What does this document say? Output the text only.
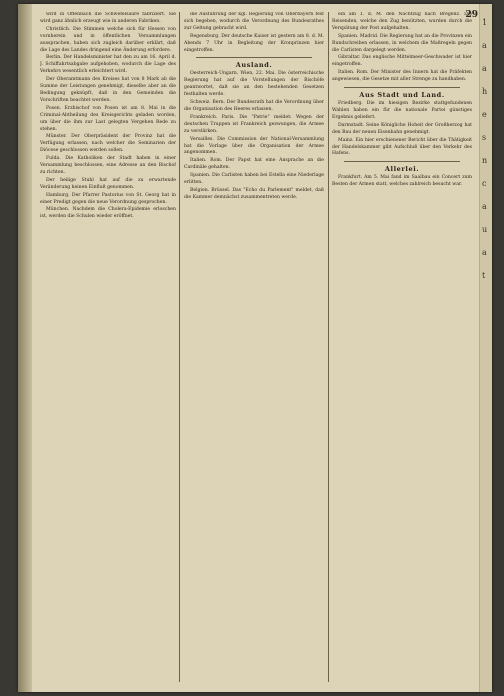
29

wird in Offenbach die Schwefelsäure fabriziert. Sie wird ganz ähnlich erzeugt wie in anderen Fabriken.

Christlich. Die Stimmen welche sich für Hessen von vornherein und in öffentlichen Versammlungen aussprachen, haben sich zugleich darüber erklärt, daß die Lage des Landes dringend eine Änderung erfordere.

Berlin. Der Handelsminister hat den zu am 16. April d. J. Schiffahrtsabgabe aufgehoben, wodurch die Lage des Verkehrs wesentlich erleichtert wird.

Der Oberamtmann des Kreises hat von 8 Mark ab die Summe der Leistungen genehmigt, dieselbe aber an die Bedingung geknüpft, daß in den Gemeinden die Vorschriften beachtet werden.

Posen. Erzbischof von Posen ist am 8. Mai in die Criminal-Abtheilung des Kreisgerichts geladen worden, um über die ihm zur Last gelegten Vergehen Rede zu stehen.

Münster. Der Oberpräsident der Provinz hat die Verfügung erlassen, nach welcher die Seminarien der Diöcese geschlossen werden sollen.

Fulda. Die Katholiken der Stadt haben in einer Versammlung beschlossen, eine Adresse an den Bischof zu richten.

Der heilige Stuhl hat auf die zu erwartende Veränderung keinen Einfluß genommen.

Hamburg. Der Pfarrer Pastorius von St. Georg hat in einer Predigt gegen die neue Verordnung gesprochen.

München. Nachdem die Cholera-Epidemie erloschen ist, werden die Schulen wieder eröffnet.

die Ausführung der kgl. Regierung von Oberbayern fest sich begeben, wodurch die Verordnung des Bundesrathes zur Geltung gebracht wird.

Regensburg. Der deutsche Kaiser ist gestern am 8. d. M. Abends 7 Uhr in Begleitung der Kronprinzen hier eingetroffen.

Ausland.

Oesterreich-Ungarn. Wien, 22. Mai. Die österreichische Regierung hat auf die Vorstellungen der Bischöfe geantwortet, daß sie an den bestehenden Gesetzen festhalten werde.

Schweiz. Bern. Der Bundesrath hat die Verordnung über die Organisation des Heeres erlassen.

Frankreich. Paris. Die "Patrie" meldet: Wegen der deutschen Truppen ist Frankreich gezwungen, die Armee zu verstärken.

Versailles. Die Commission der National-Versammlung hat die Vorlage über die Organisation der Armee angenommen.

Italien. Rom. Der Papst hat eine Ansprache an die Cardinäle gehalten.

Spanien. Die Carlisten haben bei Estella eine Niederlage erlitten.

Belgien. Brüssel. Das "Echo du Parlement" meldet, daß die Kammer demnächst zusammentreten werde.

ein am 1. d. M. den Nachtzug nach Bregenz. Die Reisenden, welche den Zug benützten, wurden durch die Verspätung der Post aufgehalten.

Spanien. Madrid. Die Regierung hat an die Provinzen ein Rundschreiben erlassen, in welchem die Maßregeln gegen die Carlisten dargelegt werden.

Gibraltar. Das englische Mittelmeer-Geschwader ist hier eingetroffen.

Italien. Rom. Der Minister des Innern hat die Präfekten angewiesen, die Gesetze mit aller Strenge zu handhaben.

Aus Stadt und Land.

Friedberg. Die im hiesigen Bezirke stattgefundenen Wahlen haben ein für die nationale Partei günstiges Ergebnis geliefert.

Darmstadt. Seine Königliche Hoheit der Großherzog hat den Bau der neuen Eisenbahn genehmigt.

Mainz. Ein hier erschienener Bericht über die Thätigkeit der Handelskammer gibt Aufschluß über den Verkehr des Hafens.

Allerlei.

Frankfurt. Am 5. Mai fand im Saalbau ein Concert zum Besten der Armen statt, welches zahlreich besucht war.

1
a
a
h
e
s
n
c
a
u
a
t
